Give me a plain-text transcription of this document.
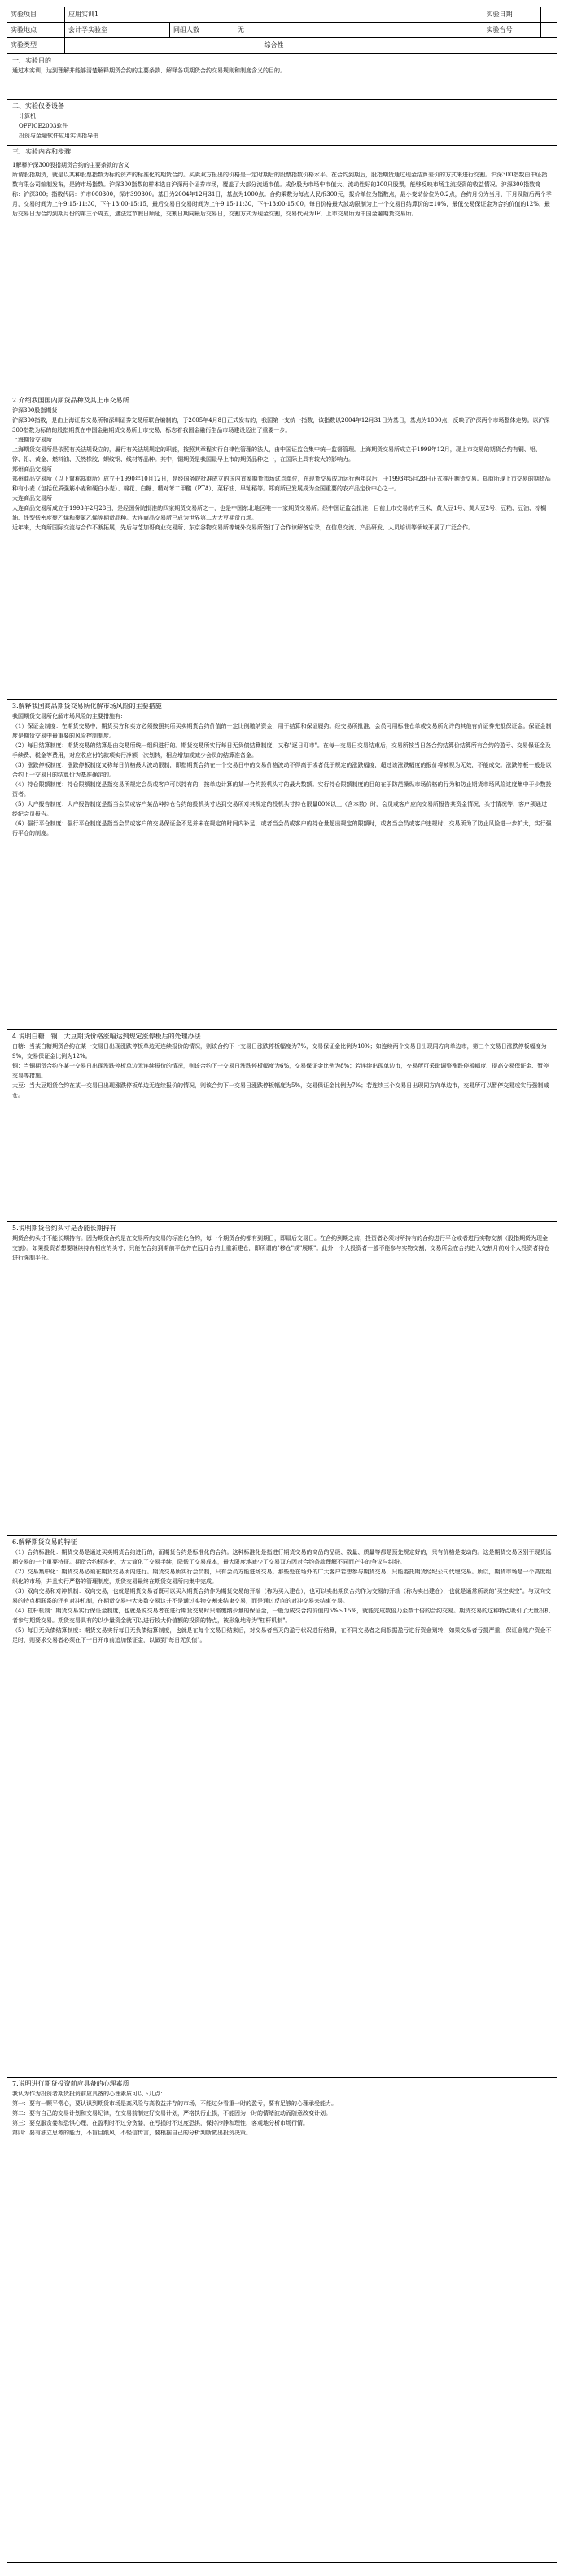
实验项目	应用实训1			实验日期	
实验地点	会计学实验室	同组人数	无	实验台号	
实验类型	综合性				

一、实验目的

通过本实训，达到理解并能够清楚解释期货合约的主要条款、解释各项期货合约交易规则和制度含义的目的。

二、实验仪器设备

计算机

OFFICE2003软件

投资与金融软件应用实训指导书

三、实验内容和步骤

1解释沪深300股指期货合约的主要条款的含义

所谓股指期货，就是以某种股票指数为标的资产的标准化的期货合约。买卖双方报出的价格是一定时期后的股票指数价格水平。在合约到期后，股指期货通过现金结算差价的方式来进行交割。沪深300指数由中证指数有限公司编制发布，是跨市场指数。沪深300指数的样本选自沪深两个证券市场，覆盖了大部分流通市值。成份股为市场中市值大、流动性好的300只股票，能够反映市场主流投资的收益情况。沪深300指数简称：沪深300；指数代码：沪市000300，深市399300。基日为2004年12月31日，基点为1000点。合约乘数为每点人民币300元，报价单位为指数点，最小变动价位为0.2点，合约月份为当月、下月及随后两个季月，交易时间为上午9:15-11:30，下午13:00-15:15，最后交易日交易时间为上午9:15-11:30，下午13:00-15:00。每日价格最大波动限制为上一个交易日结算价的±10%，最低交易保证金为合约价值的12%，最后交易日为合约到期月份的第三个周五，遇法定节假日顺延，交割日期同最后交易日，交割方式为现金交割，交易代码为IF，上市交易所为中国金融期货交易所。

2.介绍我国国内期货品种及其上市交易所

沪深300股指期货

沪深300指数，是由上海证券交易所和深圳证券交易所联合编制的，于2005年4月8日正式发布的，我国第一支统一指数，该指数以2004年12月31日为基日，基点为1000点，反映了沪深两个市场整体走势。以沪深300指数为标的的股指期货在中国金融期货交易所上市交易，标志着我国金融衍生品市场建设迈出了重要一步。

上海期货交易所

上海期货交易所是依照有关法规设立的，履行有关法规规定的职能，按照其章程实行自律性管理的法人，由中国证监会集中统一监督管理。上海期货交易所成立于1999年12月，现上市交易的期货合约有铜、铝、锌、铅、黄金、燃料油、天然橡胶、螺纹钢、线材等品种。其中，铜期货是我国最早上市的期货品种之一，在国际上具有较大的影响力。

郑州商品交易所

郑州商品交易所（以下简称郑商所）成立于1990年10月12日，是经国务院批准成立的国内首家期货市场试点单位，在现货交易成功运行两年以后，于1993年5月28日正式推出期货交易。郑商所现上市交易的期货品种有小麦（包括优质强筋小麦和硬白小麦）、棉花、白糖、精对苯二甲酸（PTA）、菜籽油、早籼稻等。郑商所已发展成为全国重要的农产品定价中心之一。

大连商品交易所

大连商品交易所成立于1993年2月28日，是经国务院批准的四家期货交易所之一，也是中国东北地区唯一一家期货交易所。经中国证监会批准，目前上市交易的有玉米、黄大豆1号、黄大豆2号、豆粕、豆油、棕榈油、线型低密度聚乙烯和聚氯乙烯等期货品种。大连商品交易所已成为世界第二大大豆期货市场。

近年来，大商所国际交流与合作不断拓展，先后与芝加哥商业交易所、东京谷物交易所等境外交易所签订了合作谅解备忘录，在信息交流、产品研发、人员培训等领域开展了广泛合作。

3.解释我国商品期货交易所化解市场风险的主要措施

我国期货交易所化解市场风险的主要措施有：

（1）保证金制度：在期货交易中，期货买方和卖方必须按照其所买卖期货合约价值的一定比例缴纳资金，用于结算和保证履约。经交易所批准，会员可用标准仓单或交易所允许的其他有价证券充抵保证金。保证金制度是期货交易中最重要的风险控制制度。

（2）每日结算制度：期货交易的结算是由交易所统一组织进行的。期货交易所实行每日无负债结算制度，又称"逐日盯市"。在每一交易日交易结束后，交易所按当日各合约结算价结算所有合约的盈亏、交易保证金及手续费、税金等费用，对应收应付的款项实行净额一次划转，相应增加或减少会员的结算准备金。

（3）涨跌停板制度：涨跌停板制度又称每日价格最大波动限制，即指期货合约在一个交易日中的交易价格波动不得高于或者低于规定的涨跌幅度，超过该涨跌幅度的报价将被视为无效，不能成交。涨跌停板一般是以合约上一交易日的结算价为基准确定的。

（4）持仓限额制度：持仓限额制度是指交易所规定会员或客户可以持有的，按单边计算的某一合约投机头寸的最大数额。实行持仓限额制度的目的在于防范操纵市场价格的行为和防止期货市场风险过度集中于少数投资者。

（5）大户报告制度：大户报告制度是指当会员或客户某品种持仓合约的投机头寸达到交易所对其规定的投机头寸持仓限量80%以上（含本数）时，会员或客户应向交易所报告其资金情况、头寸情况等，客户须通过经纪会员报告。

（6）强行平仓制度：强行平仓制度是指当会员或客户的交易保证金不足并未在规定的时间内补足，或者当会员或客户的持仓量超出规定的限额时，或者当会员或客户违规时，交易所为了防止风险进一步扩大，实行强行平仓的制度。

4.说明白糖、铜、大豆期货价格涨幅达到规定涨停板后的处理办法

白糖：当某白糖期货合约在某一交易日出现涨跌停板单边无连续报价的情况，则该合约下一交易日涨跌停板幅度为7%，交易保证金比例为10%；如连续两个交易日出现同方向单边市，第三个交易日涨跌停板幅度为9%，交易保证金比例为12%。

铜：当铜期货合约在某一交易日出现涨跌停板单边无连续报价的情况，则该合约下一交易日涨跌停板幅度为6%，交易保证金比例为8%；若连续出现单边市，交易所可采取调整涨跌停板幅度、提高交易保证金、暂停交易等措施。

大豆：当大豆期货合约在某一交易日出现涨跌停板单边无连续报价的情况，则该合约下一交易日涨跌停板幅度为5%，交易保证金比例为7%；若连续三个交易日出现同方向单边市，交易所可以暂停交易或实行强制减仓。

5.说明期货合约头寸是否能长期持有

期货合约头寸不能长期持有。因为期货合约是在交易所内交易的标准化合约，每一个期货合约都有到期日，即最后交易日。在合约到期之前，投资者必须对所持有的合约进行平仓或者进行实物交割（股指期货为现金交割）。如果投资者想要继续持有相应的头寸，只能在合约到期前平仓并在远月合约上重新建仓，即所谓的"移仓"或"展期"。此外，个人投资者一般不能参与实物交割，交易所会在合约进入交割月前对个人投资者持仓进行强制平仓。

6.解释期货交易的特征

（1）合约标准化：期货交易是通过买卖期货合约进行的，而期货合约是标准化的合约。这种标准化是指进行期货交易的商品的品级、数量、质量等都是预先规定好的，只有价格是变动的。这是期货交易区别于现货远期交易的一个重要特征。期货合约标准化，大大简化了交易手续，降低了交易成本，最大限度地减少了交易双方因对合约条款理解不同而产生的争议与纠纷。

（2）交易集中化：期货交易必须在期货交易所内进行。期货交易所实行会员制，只有会员方能进场交易。那些处在场外的广大客户若想参与期货交易，只能委托期货经纪公司代理交易。所以，期货市场是一个高度组织化的市场，并且实行严格的管理制度，期货交易最终在期货交易所内集中完成。

（3）双向交易和对冲机制：双向交易，也就是期货交易者既可以买入期货合约作为期货交易的开端（称为买入建仓），也可以卖出期货合约作为交易的开端（称为卖出建仓），也就是通常所说的"买空卖空"。与双向交易的特点相联系的还有对冲机制，在期货交易中大多数交易这并不是通过实物交割来结束交易，而是通过反向的对冲交易来结束交易。

（4）杠杆机制：期货交易实行保证金制度，也就是说交易者在进行期货交易时只需缴纳少量的保证金，一般为成交合约价值的5%～15%，就能完成数倍乃至数十倍的合约交易。期货交易的这种特点吸引了大量投机者参与期货交易。期货交易具有的以少量资金就可以进行较大价值额的投资的特点，被形象地称为"杠杆机制"。

（5）每日无负债结算制度：期货交易实行每日无负债结算制度，也就是在每个交易日结束后，对交易者当天的盈亏状况进行结算，在不同交易者之间根据盈亏进行资金划转，如果交易者亏损严重，保证金账户资金不足时，则要求交易者必须在下一日开市前追加保证金，以做到"每日无负债"。

7.说明进行期货投资前应具备的心理素质

我认为作为投资者期货投资前应具备的心理素质可以下几点：

第一：要有一颗平常心，要认识到期货市场是高风险与高收益并存的市场，不能过分看重一时的盈亏，要有足够的心理承受能力。

第二：要有自己的交易计划和交易纪律，在交易前制定好交易计划，严格执行止损，不能因为一时的情绪波动而随意改变计划。

第三：要克服贪婪和恐惧心理，在盈利时不过分贪婪，在亏损时不过度恐惧，保持冷静和理性，客观地分析市场行情。

第四：要有独立思考的能力，不盲目跟风，不轻信传言，要根据自己的分析判断做出投资决策。
